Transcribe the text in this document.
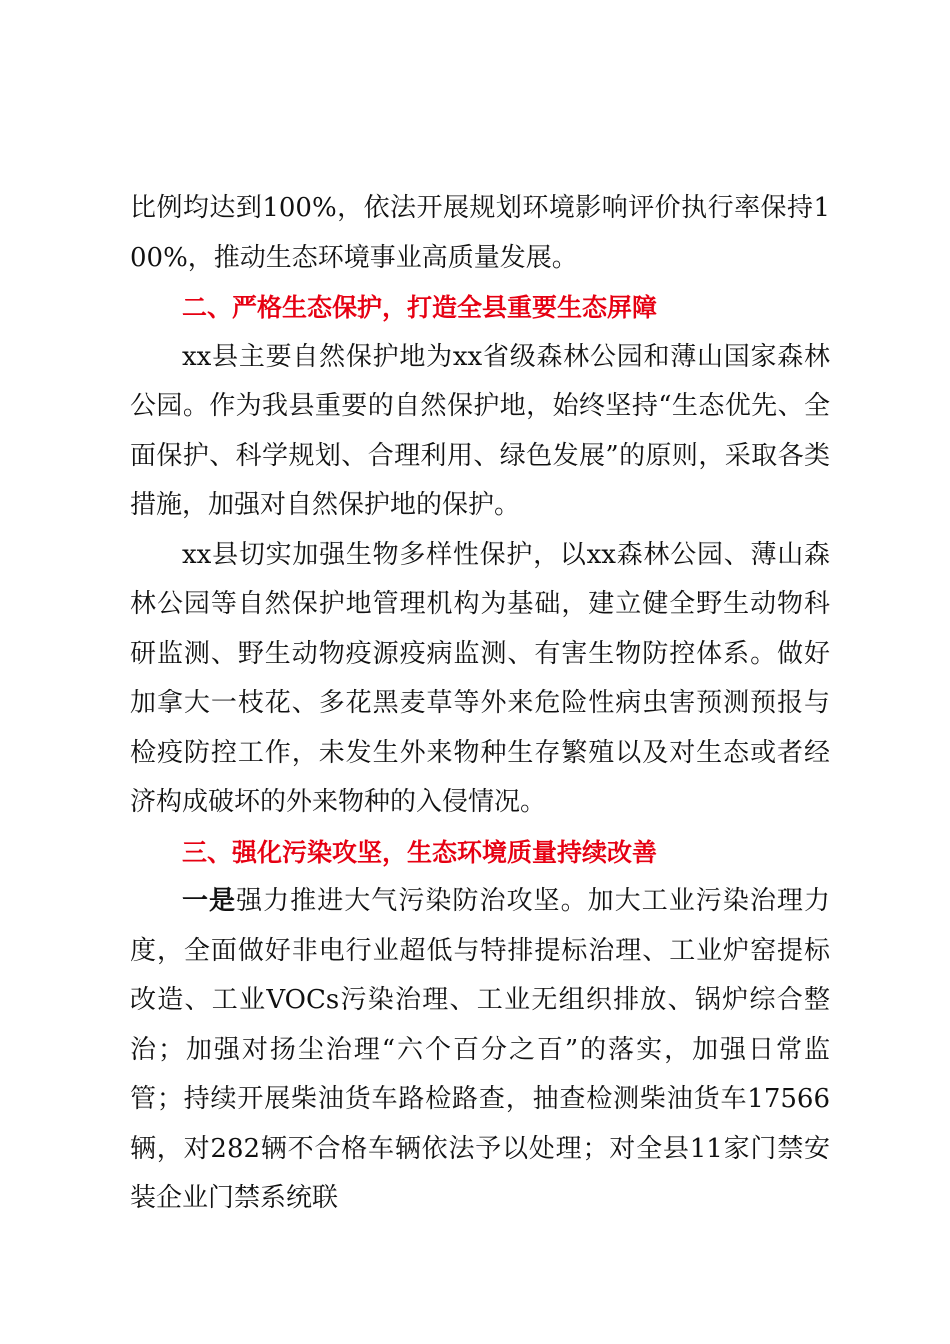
比例均达到100%，依法开展规划环境影响评价执行率保持100%，推动生态环境事业高质量发展。

二、严格生态保护，打造全县重要生态屏障

xx县主要自然保护地为xx省级森林公园和薄山国家森林公园。作为我县重要的自然保护地，始终坚持“生态优先、全面保护、科学规划、合理利用、绿色发展”的原则，采取各类措施，加强对自然保护地的保护。

xx县切实加强生物多样性保护，以xx森林公园、薄山森林公园等自然保护地管理机构为基础，建立健全野生动物科研监测、野生动物疫源疫病监测、有害生物防控体系。做好加拿大一枝花、多花黑麦草等外来危险性病虫害预测预报与检疫防控工作，未发生外来物种生存繁殖以及对生态或者经济构成破坏的外来物种的入侵情况。

三、强化污染攻坚，生态环境质量持续改善

一是强力推进大气污染防治攻坚。加大工业污染治理力度，全面做好非电行业超低与特排提标治理、工业炉窑提标改造、工业VOCs污染治理、工业无组织排放、锅炉综合整治；加强对扬尘治理“六个百分之百”的落实，加强日常监管；持续开展柴油货车路检路查，抽查检测柴油货车17566辆，对282辆不合格车辆依法予以处理；对全县11家门禁安装企业门禁系统联
